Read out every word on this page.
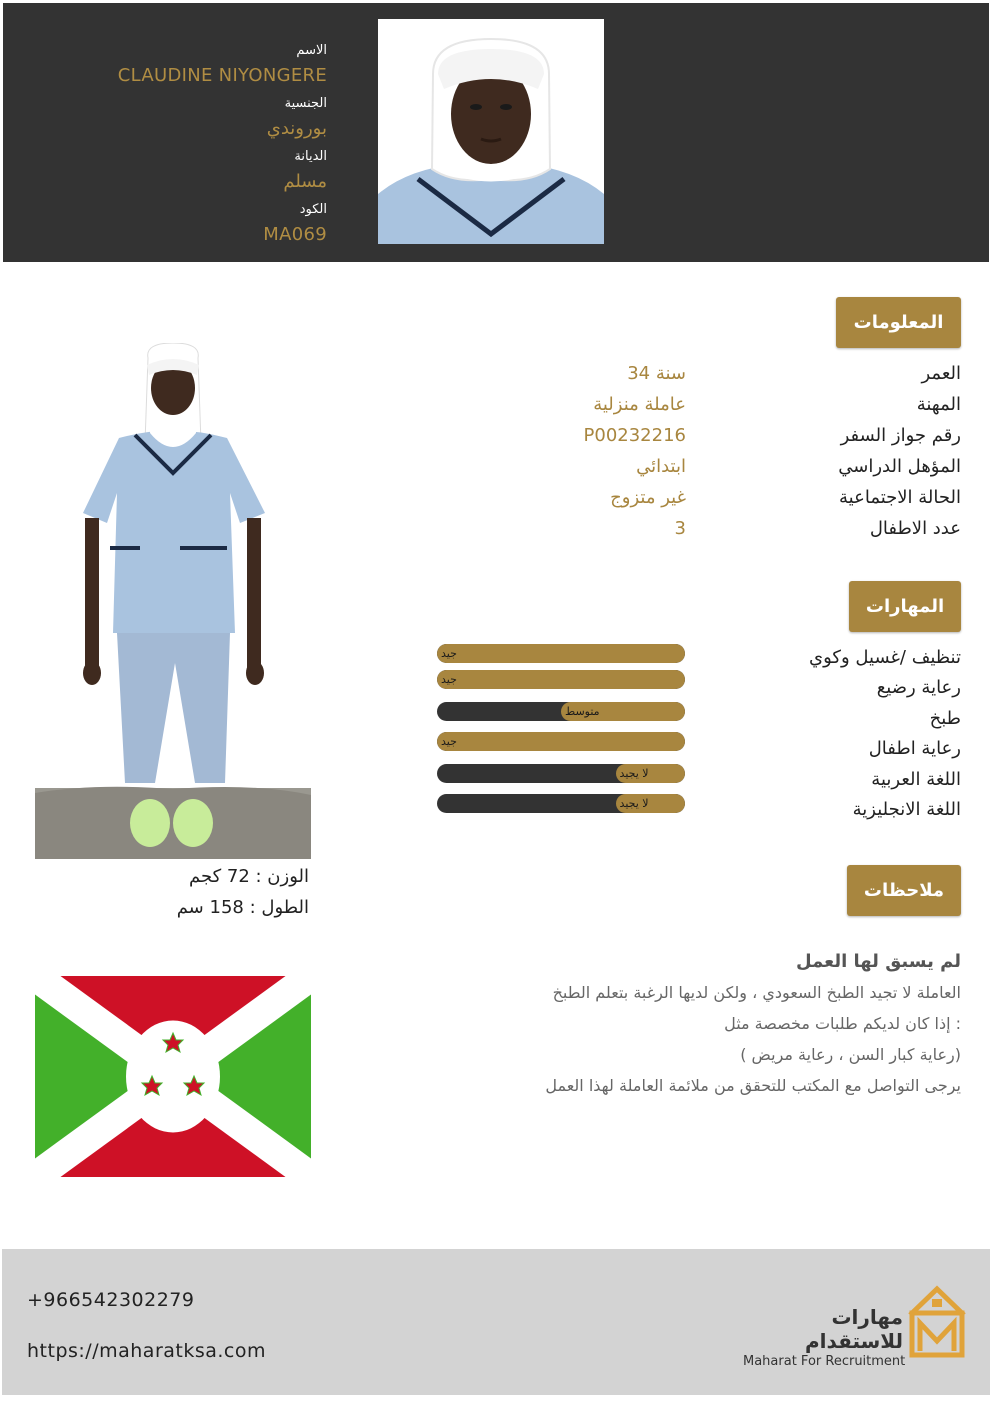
الاسم
CLAUDINE NIYONGERE
الجنسية
بوروندي
الديانة
مسلم
الكود
MA069
المعلومات
العمر
34 سنة
المهنة
عاملة منزلية
رقم جواز السفر
P00232216
المؤهل الدراسي
ابتدائي
الحالة الاجتماعية
غير متزوج
عدد الاطفال
3
المهارات
تنظيف /غسيل وكوي
رعاية رضيع
طبخ
رعاية اطفال
اللغة العربية
اللغة الانجليزية
جيد
جيد
متوسط
جيد
لا يجيد
لا يجيد
ملاحظات
لم يسبق لها العمل
العاملة لا تجيد الطبخ السعودي ، ولكن لديها الرغبة بتعلم الطبخ
إذا كان لديكم طلبات مخصصة مثل :
( رعاية كبار السن ، رعاية مريض)
يرجى التواصل مع المكتب للتحقق من ملائمة العاملة لهذا العمل
الوزن : 72 كجم
الطول : 158 سم
+966542302279
https://maharatksa.com
مهارات للاستقدام
Maharat For Recruitment
